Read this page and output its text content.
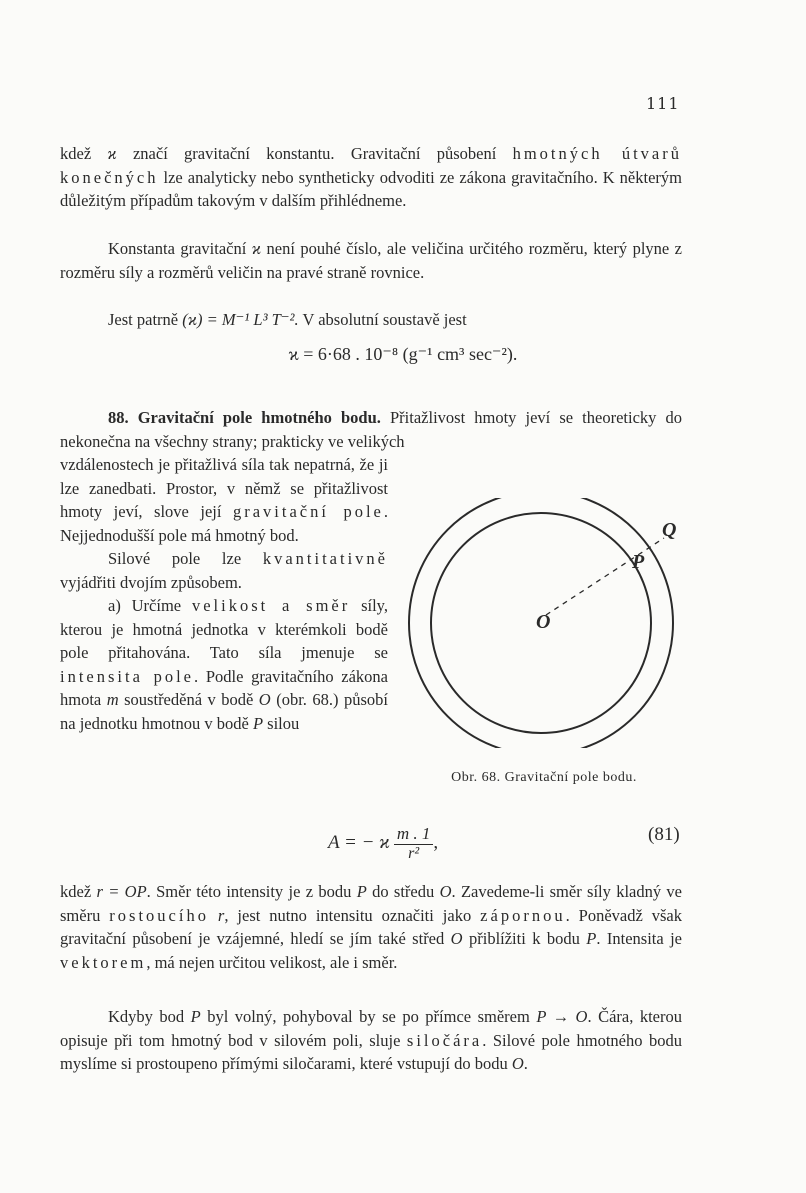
111

kdež ϰ značí gravitační konstantu. Gravitační působení hmotných útvarů konečných lze analyticky nebo syntheticky odvoditi ze zákona gravitačního. K některým důležitým případům takovým v dalším přihlédneme.

Konstanta gravitační ϰ není pouhé číslo, ale veličina určitého rozměru, který plyne z rozměru síly a rozměrů veličin na pravé straně rovnice.

Jest patrně (ϰ) = M⁻¹ L³ T⁻². V absolutní soustavě jest

ϰ = 6·68 . 10⁻⁸ (g⁻¹ cm³ sec⁻²).

88. Gravitační pole hmotného bodu. Přitažlivost hmoty jeví se theoreticky do nekonečna na všechny strany; prakticky ve velikých

vzdálenostech je přitažlivá síla tak nepatrná, že ji lze zanedbati. Prostor, v němž se přitažlivost hmoty jeví, slove její gravitační pole. Nejjednodušší pole má hmotný bod.

Silové pole lze kvantitativně vyjádřiti dvojím způsobem.

a) Určíme velikost a směr síly, kterou je hmotná jednotka v kterémkoli bodě pole přitahována. Tato síla jmenuje se intensita pole. Podle gravitačního zákona hmota m soustředěná v bodě O (obr. 68.) působí na jednotku hmotnou v bodě P silou

O
P
Q
Obr. 68. Gravitační pole bodu.
A = − ϰ $\frac{m . 1}{\text{r²}}$ ,	(81)

kdež r = OP. Směr této intensity je z bodu P do středu O. Zavedeme-li směr síly kladný ve směru rostoucího r, jest nutno intensitu označiti jako zápornou. Poněvadž však gravitační působení je vzájemné, hledí se jím také střed O přiblížiti k bodu P. Intensita je vektorem, má nejen určitou velikost, ale i směr.

Kdyby bod P byl volný, pohyboval by se po přímce směrem P → O. Čára, kterou opisuje při tom hmotný bod v silovém poli, sluje siločára. Silové pole hmotného bodu myslíme si prostoupeno přímými siločarami, které vstupují do bodu O.
